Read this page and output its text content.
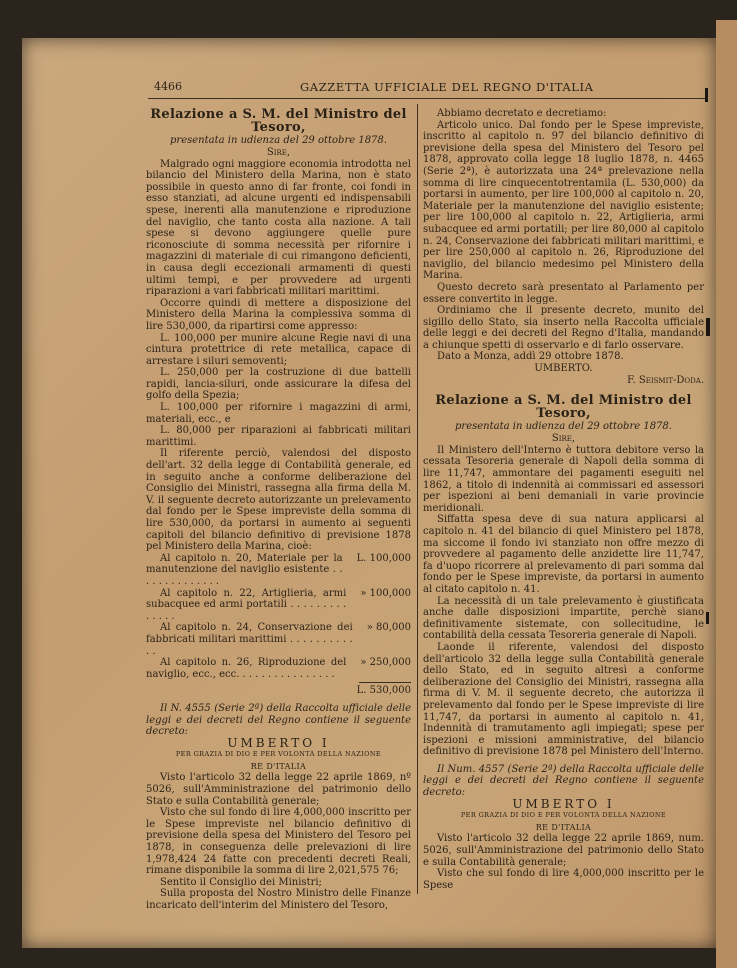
4466	GAZZETTA UFFICIALE DEL REGNO D'ITALIA

Relazione a S. M. del Ministro del Tesoro,

presentata in udienza del 29 ottobre 1878.

Sire,

Malgrado ogni maggiore economia introdotta nel bilancio del Ministero della Marina, non è stato possibile in questo anno di far fronte, coi fondi in esso stanziati, ad alcune urgenti ed indispensabili spese, inerenti alla manutenzione e riproduzione del naviglio, che tanto costa alla nazione. A tali spese si devono aggiungere quelle pure riconosciute di somma necessità per rifornire i magazzini di materiale di cui rimangono deficienti, in causa degli eccezionali armamenti di questi ultimi tempi, e per provvedere ad urgenti riparazioni a vari fabbricati militari marittimi.

Occorre quindi di mettere a disposizione del Ministero della Marina la complessiva somma di lire 530,000, da ripartirsi come appresso:

L. 100,000 per munire alcune Regie navi di una cintura protettrice di rete metallica, capace di arrestare i siluri semoventi;

L. 250,000 per la costruzione di due battelli rapidi, lancia-siluri, onde assicurare la difesa del golfo della Spezia;

L. 100,000 per rifornire i magazzini di armi, materiali, ecc., e

L. 80,000 per riparazioni ai fabbricati militari marittimi.

Il riferente perciò, valendosi del disposto dell'art. 32 della legge di Contabilità generale, ed in seguito anche a conforme deliberazione del Consiglio dei Ministri, rassegna alla firma della M. V. il seguente decreto autorizzante un prelevamento dal fondo per le Spese impreviste della somma di lire 530,000, da portarsi in aumento ai seguenti capitoli del bilancio definitivo di previsione 1878 pel Ministero della Marina, cioè:

Al capitolo n. 20, Materiale per la manutenzione del naviglio esistente . . . . . . . . . . . . . .
L. 100,000
Al capitolo n. 22, Artiglieria, armi subacquee ed armi portatili . . . . . . . . . . . . . .
» 100,000
Al capitolo n. 24, Conservazione dei fabbricati militari marittimi . . . . . . . . . . . .
» 80,000
Al capitolo n. 26, Riproduzione del naviglio, ecc., ecc. . . . . . . . . . . . . . . .
» 250,000

L. 530,000

Il N. 4555 (Serie 2ª) della Raccolta ufficiale delle leggi e dei decreti del Regno contiene il seguente decreto:

UMBERTO I

PER GRAZIA DI DIO E PER VOLONTÀ DELLA NAZIONE

RE D'ITALIA

Visto l'articolo 32 della legge 22 aprile 1869, nº 5026, sull'Amministrazione del patrimonio dello Stato e sulla Contabilità generale;

Visto che sul fondo di lire 4,000,000 inscritto per le Spese impreviste nel bilancio definitivo di previsione della spesa del Ministero del Tesoro pel 1878, in conseguenza delle prelevazioni di lire 1,978,424 24 fatte con precedenti decreti Reali, rimane disponibile la somma di lire 2,021,575 76;

Sentito il Consiglio dei Ministri;

Sulla proposta del Nostro Ministro delle Finanze incaricato dell'interim del Ministero del Tesoro,

Abbiamo decretato e decretiamo:

Articolo unico. Dal fondo per le Spese impreviste, inscritto al capitolo n. 97 del bilancio definitivo di previsione della spesa del Ministero del Tesoro pel 1878, approvato colla legge 18 luglio 1878, n. 4465 (Serie 2ª), è autorizzata una 24ª prelevazione nella somma di lire cinquecentotrentamila (L. 530,000) da portarsi in aumento, per lire 100,000 al capitolo n. 20, Materiale per la manutenzione del naviglio esistente; per lire 100,000 al capitolo n. 22, Artiglieria, armi subacquee ed armi portatili; per lire 80,000 al capitolo n. 24, Conservazione dei fabbricati militari marittimi, e per lire 250,000 al capitolo n. 26, Riproduzione del naviglio, del bilancio medesimo pel Ministero della Marina.

Questo decreto sarà presentato al Parlamento per essere convertito in legge.

Ordiniamo che il presente decreto, munito del sigillo dello Stato, sia inserto nella Raccolta ufficiale delle leggi e dei decreti del Regno d'Italia, mandando a chiunque spetti di osservarlo e di farlo osservare.

Dato a Monza, addì 29 ottobre 1878.

UMBERTO.

F. Seismit-Doda.

Relazione a S. M. del Ministro del Tesoro,

presentata in udienza del 29 ottobre 1878.

Sire,

Il Ministero dell'Interno è tuttora debitore verso la cessata Tesoreria generale di Napoli della somma di lire 11,747, ammontare dei pagamenti eseguiti nel 1862, a titolo di indennità ai commissari ed assessori per ispezioni ai beni demaniali in varie provincie meridionali.

Siffatta spesa deve di sua natura applicarsi al capitolo n. 41 del bilancio di quel Ministero pel 1878, ma siccome il fondo ivi stanziato non offre mezzo di provvedere al pagamento delle anzidette lire 11,747, fa d'uopo ricorrere al prelevamento di pari somma dal fondo per le Spese impreviste, da portarsi in aumento al citato capitolo n. 41.

La necessità di un tale prelevamento è giustificata anche dalle disposizioni impartite, perchè siano definitivamente sistemate, con sollecitudine, le contabilità della cessata Tesoreria generale di Napoli.

Laonde il riferente, valendosi del disposto dell'articolo 32 della legge sulla Contabilità generale dello Stato, ed in seguito altresì a conforme deliberazione del Consiglio dei Ministri, rassegna alla firma di V. M. il seguente decreto, che autorizza il prelevamento dal fondo per le Spese impreviste di lire 11,747, da portarsi in aumento al capitolo n. 41, Indennità di tramutamento agli impiegati; spese per ispezioni e missioni amministrative, del bilancio definitivo di previsione 1878 pel Ministero dell'Interno.

Il Num. 4557 (Serie 2ª) della Raccolta ufficiale delle leggi e dei decreti del Regno contiene il seguente decreto:

UMBERTO I

PER GRAZIA DI DIO E PER VOLONTÀ DELLA NAZIONE

RE D'ITALIA

Visto l'articolo 32 della legge 22 aprile 1869, num. 5026, sull'Amministrazione del patrimonio dello Stato e sulla Contabilità generale;

Visto che sul fondo di lire 4,000,000 inscritto per le Spese
